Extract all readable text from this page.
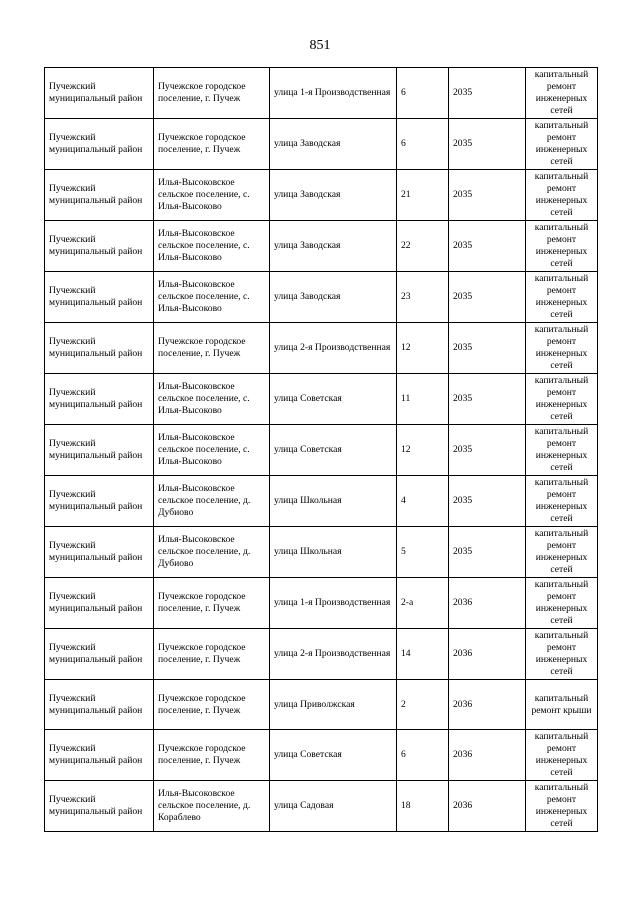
851
Пучежский муниципальный район	Пучежское городское поселение, г. Пучеж	улица 1-я Производственная	6	2035	капитальный ремонт инженерных сетей
Пучежский муниципальный район	Пучежское городское поселение, г. Пучеж	улица Заводская	6	2035	капитальный ремонт инженерных сетей
Пучежский муниципальный район	Илья-Высоковское сельское поселение, с. Илья-Высоково	улица Заводская	21	2035	капитальный ремонт инженерных сетей
Пучежский муниципальный район	Илья-Высоковское сельское поселение, с. Илья-Высоково	улица Заводская	22	2035	капитальный ремонт инженерных сетей
Пучежский муниципальный район	Илья-Высоковское сельское поселение, с. Илья-Высоково	улица Заводская	23	2035	капитальный ремонт инженерных сетей
Пучежский муниципальный район	Пучежское городское поселение, г. Пучеж	улица 2-я Производственная	12	2035	капитальный ремонт инженерных сетей
Пучежский муниципальный район	Илья-Высоковское сельское поселение, с. Илья-Высоково	улица Советская	11	2035	капитальный ремонт инженерных сетей
Пучежский муниципальный район	Илья-Высоковское сельское поселение, с. Илья-Высоково	улица Советская	12	2035	капитальный ремонт инженерных сетей
Пучежский муниципальный район	Илья-Высоковское сельское поселение, д. Дубиово	улица Школьная	4	2035	капитальный ремонт инженерных сетей
Пучежский муниципальный район	Илья-Высоковское сельское поселение, д. Дубиово	улица Школьная	5	2035	капитальный ремонт инженерных сетей
Пучежский муниципальный район	Пучежское городское поселение, г. Пучеж	улица 1-я Производственная	2-а	2036	капитальный ремонт инженерных сетей
Пучежский муниципальный район	Пучежское городское поселение, г. Пучеж	улица 2-я Производственная	14	2036	капитальный ремонт инженерных сетей
Пучежский муниципальный район	Пучежское городское поселение, г. Пучеж	улица Приволжская	2	2036	капитальный ремонт крыши
Пучежский муниципальный район	Пучежское городское поселение, г. Пучеж	улица Советская	6	2036	капитальный ремонт инженерных сетей
Пучежский муниципальный район	Илья-Высоковское сельское поселение, д. Кораблево	улица Садовая	18	2036	капитальный ремонт инженерных сетей
